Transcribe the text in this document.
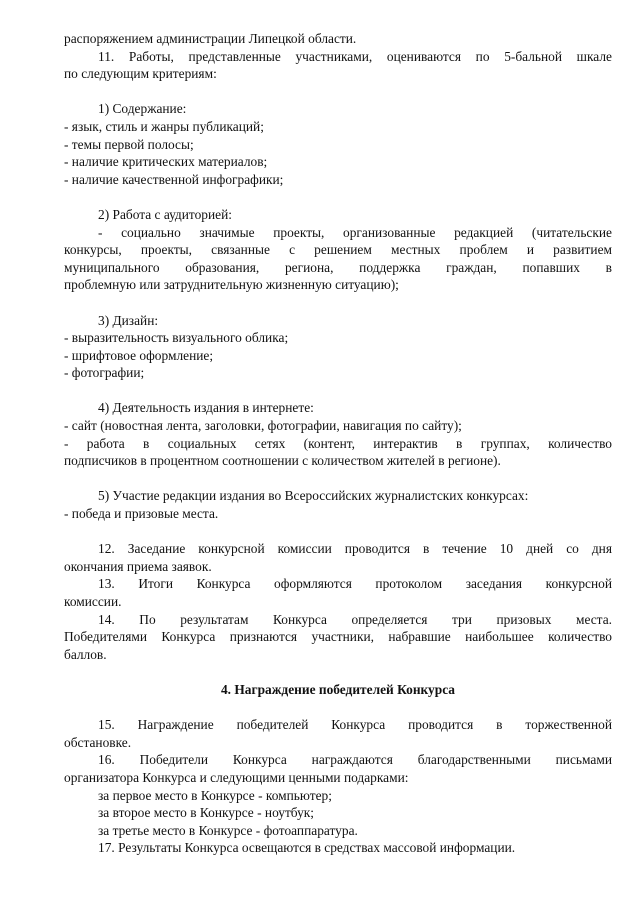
распоряжением администрации Липецкой области.
11. Работы, представленные участниками, оцениваются по 5-бальной шкале
по следующим критериям:
1) Содержание:
- язык, стиль и жанры публикаций;
- темы первой полосы;
- наличие критических материалов;
- наличие качественной инфографики;
2) Работа с аудиторией:
- социально значимые проекты, организованные редакцией (читательские
конкурсы, проекты, связанные с решением местных проблем и развитием
муниципального образования, региона, поддержка граждан, попавших в
проблемную или затруднительную жизненную ситуацию);
3) Дизайн:
- выразительность визуального облика;
- шрифтовое оформление;
- фотографии;
4) Деятельность издания в интернете:
- сайт (новостная лента, заголовки, фотографии, навигация по сайту);
- работа в социальных сетях (контент, интерактив в группах, количество
подписчиков в процентном соотношении с количеством жителей в регионе).
5) Участие редакции издания во Всероссийских журналистских конкурсах:
- победа и призовые места.
12. Заседание конкурсной комиссии проводится в течение 10 дней со дня
окончания приема заявок.
13. Итоги Конкурса оформляются протоколом заседания конкурсной
комиссии.
14. По результатам Конкурса определяется три призовых места.
Победителями Конкурса признаются участники, набравшие наибольшее количество
баллов.
4. Награждение победителей Конкурса
15. Награждение победителей Конкурса проводится в торжественной
обстановке.
16. Победители Конкурса награждаются благодарственными письмами
организатора Конкурса и следующими ценными подарками:
за первое место в Конкурсе - компьютер;
за второе место в Конкурсе - ноутбук;
за третье место в Конкурсе - фотоаппаратура.
17. Результаты Конкурса освещаются в средствах массовой информации.
